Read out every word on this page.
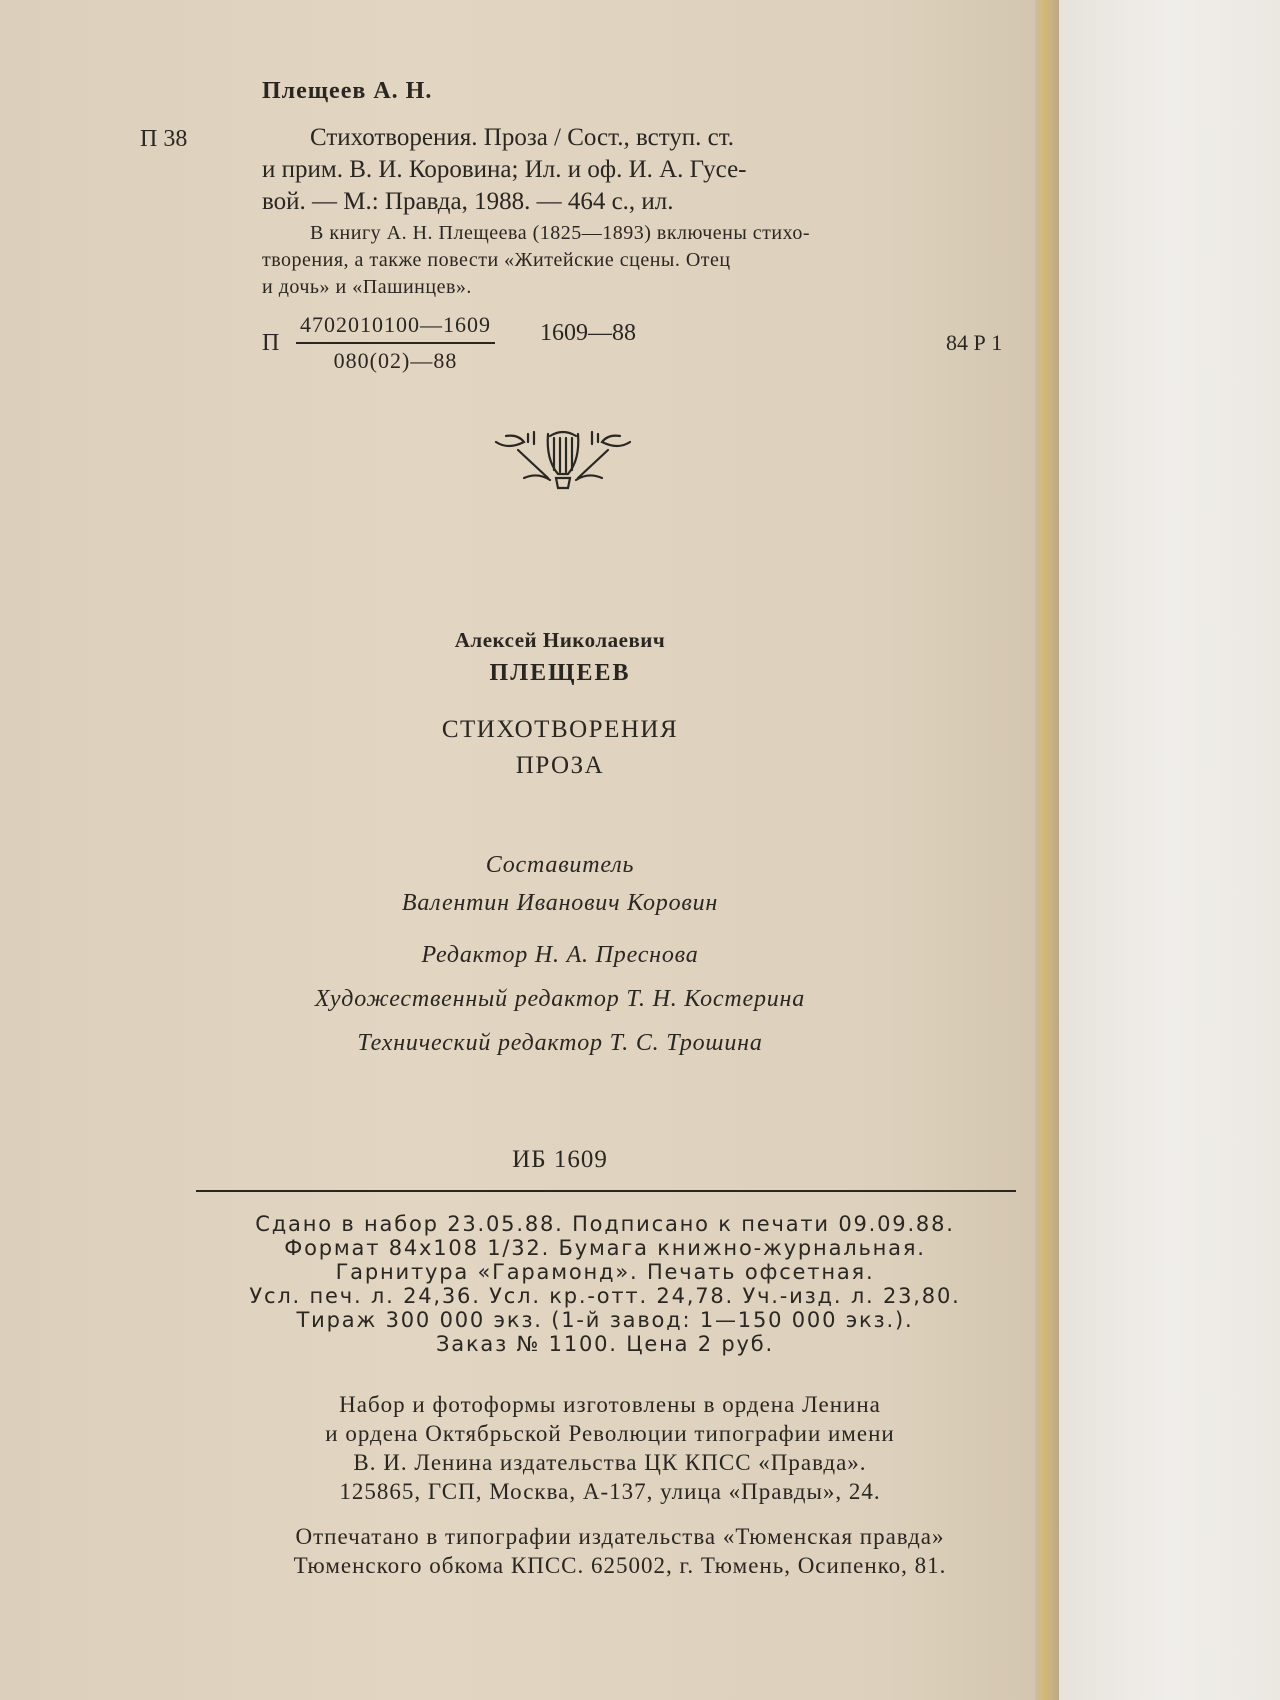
Плещеев А. Н.

П 38	Стихотворения. Проза / Сост., вступ. ст.
и прим. В. И. Коровина; Ил. и оф. И. А. Гусе-
вой. — М.: Правда, 1988. — 464 с., ил.
В книгу А. Н. Плещеева (1825—1893) включены стихо-
творения, а также повести «Житейские сцены. Отец
и дочь» и «Пашинцев».

П $\frac{4702010100—1609}{080(02)—88}$ 1609—88	84 Р 1

Алексей Николаевич

ПЛЕЩЕЕВ

СТИХОТВОРЕНИЯ

ПРОЗА

Составитель

Валентин Иванович Коровин

Редактор Н. А. Преснова

Художественный редактор Т. Н. Костерина

Технический редактор Т. С. Трошина

ИБ 1609

Сдано в набор 23.05.88. Подписано к печати 09.09.88.
Формат 84x108 1/32. Бумага книжно-журнальная.
Гарнитура «Гарамонд». Печать офсетная.
Усл. печ. л. 24,36. Усл. кр.-отт. 24,78. Уч.-изд. л. 23,80.
Тираж 300 000 экз. (1-й завод: 1—150 000 экз.).
Заказ № 1100. Цена 2 руб.
Набор и фотоформы изготовлены в ордена Ленина
и ордена Октябрьской Революции типографии имени
В. И. Ленина издательства ЦК КПСС «Правда».
125865, ГСП, Москва, А-137, улица «Правды», 24.
Отпечатано в типографии издательства «Тюменская правда»
Тюменского обкома КПСС. 625002, г. Тюмень, Осипенко, 81.
